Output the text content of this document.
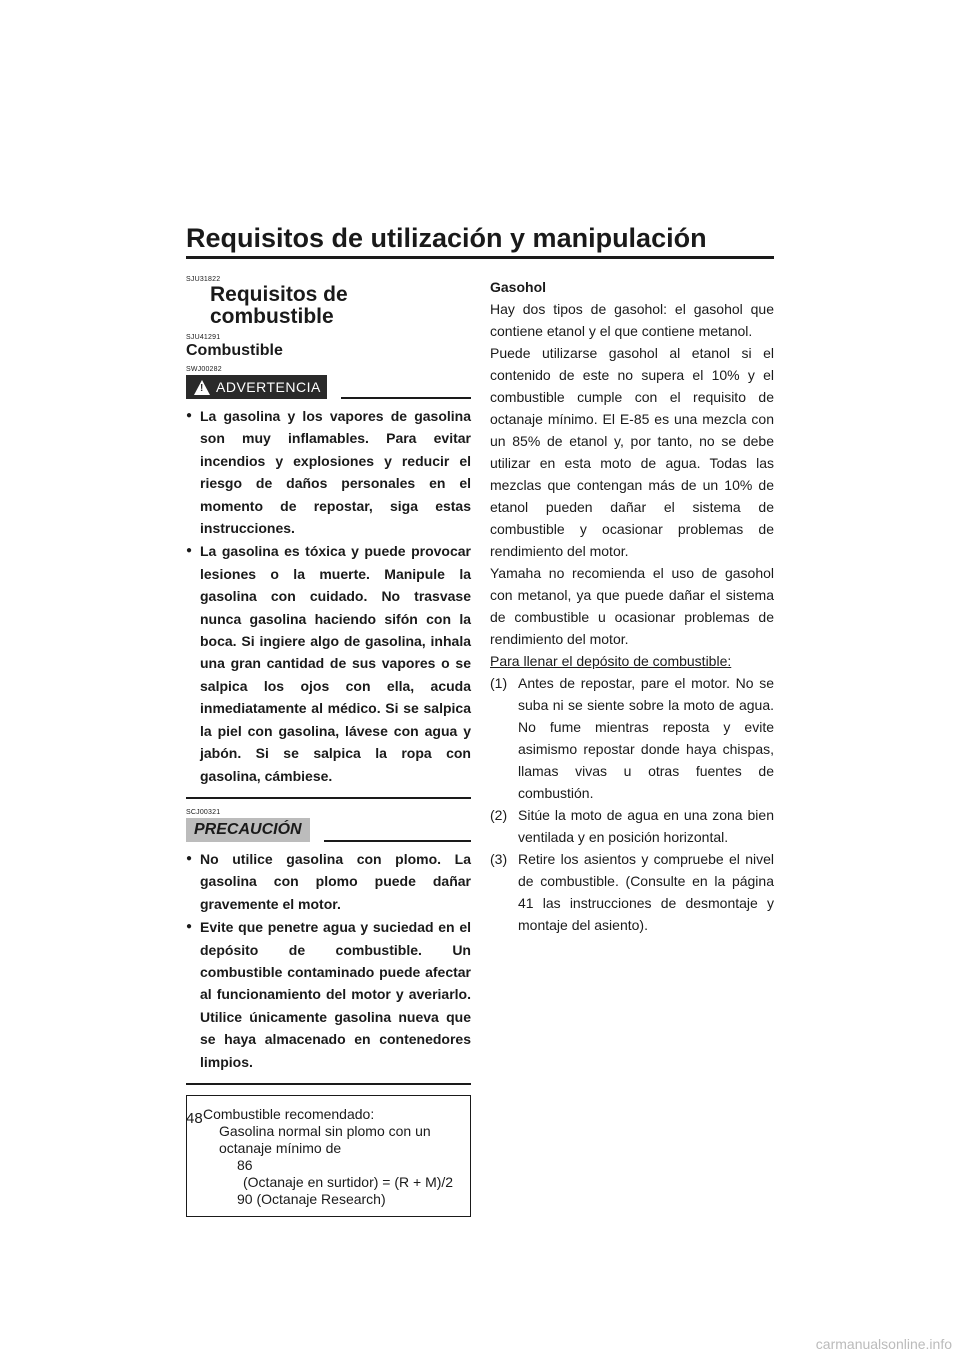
Requisitos de utilización y manipulación
SJU31822
Requisitos de combustible
SJU41291
Combustible
SWJ00282
! ADVERTENCIA
● La gasolina y los vapores de gasolina son muy inflamables. Para evitar incendios y explosiones y reducir el riesgo de daños personales en el momento de repostar, siga estas instrucciones.
● La gasolina es tóxica y puede provocar lesiones o la muerte. Manipule la gasolina con cuidado. No trasvase nunca gasolina haciendo sifón con la boca. Si ingiere algo de gasolina, inhala una gran cantidad de sus vapores o se salpica los ojos con ella, acuda inmediatamente al médico. Si se salpica la piel con gasolina, lávese con agua y jabón. Si se salpica la ropa con gasolina, cámbiese.
SCJ00321
PRECAUCIÓN
● No utilice gasolina con plomo. La gasolina con plomo puede dañar gravemente el motor.
● Evite que penetre agua y suciedad en el depósito de combustible. Un combustible contaminado puede afectar al funcionamiento del motor y averiarlo. Utilice únicamente gasolina nueva que se haya almacenado en contenedores limpios.
Combustible recomendado:
Gasolina normal sin plomo con un octanaje mínimo de
86
(Octanaje en surtidor) = (R + M)/2
90 (Octanaje Research)

Gasohol

Hay dos tipos de gasohol: el gasohol que contiene etanol y el que contiene metanol.

Puede utilizarse gasohol al etanol si el contenido de este no supera el 10% y el combustible cumple con el requisito de octanaje mínimo. El E-85 es una mezcla con un 85% de etanol y, por tanto, no se debe utilizar en esta moto de agua. Todas las mezclas que contengan más de un 10% de etanol pueden dañar el sistema de combustible y ocasionar problemas de rendimiento del motor.

Yamaha no recomienda el uso de gasohol con metanol, ya que puede dañar el sistema de combustible u ocasionar problemas de rendimiento del motor.

Para llenar el depósito de combustible:

(1) Antes de repostar, pare el motor. No se suba ni se siente sobre la moto de agua. No fume mientras reposta y evite asimismo repostar donde haya chispas, llamas vivas u otras fuentes de combustión.
(2) Sitúe la moto de agua en una zona bien ventilada y en posición horizontal.
(3) Retire los asientos y compruebe el nivel de combustible. (Consulte en la página 41 las instrucciones de desmontaje y montaje del asiento).
48
carmanualsonline.info
